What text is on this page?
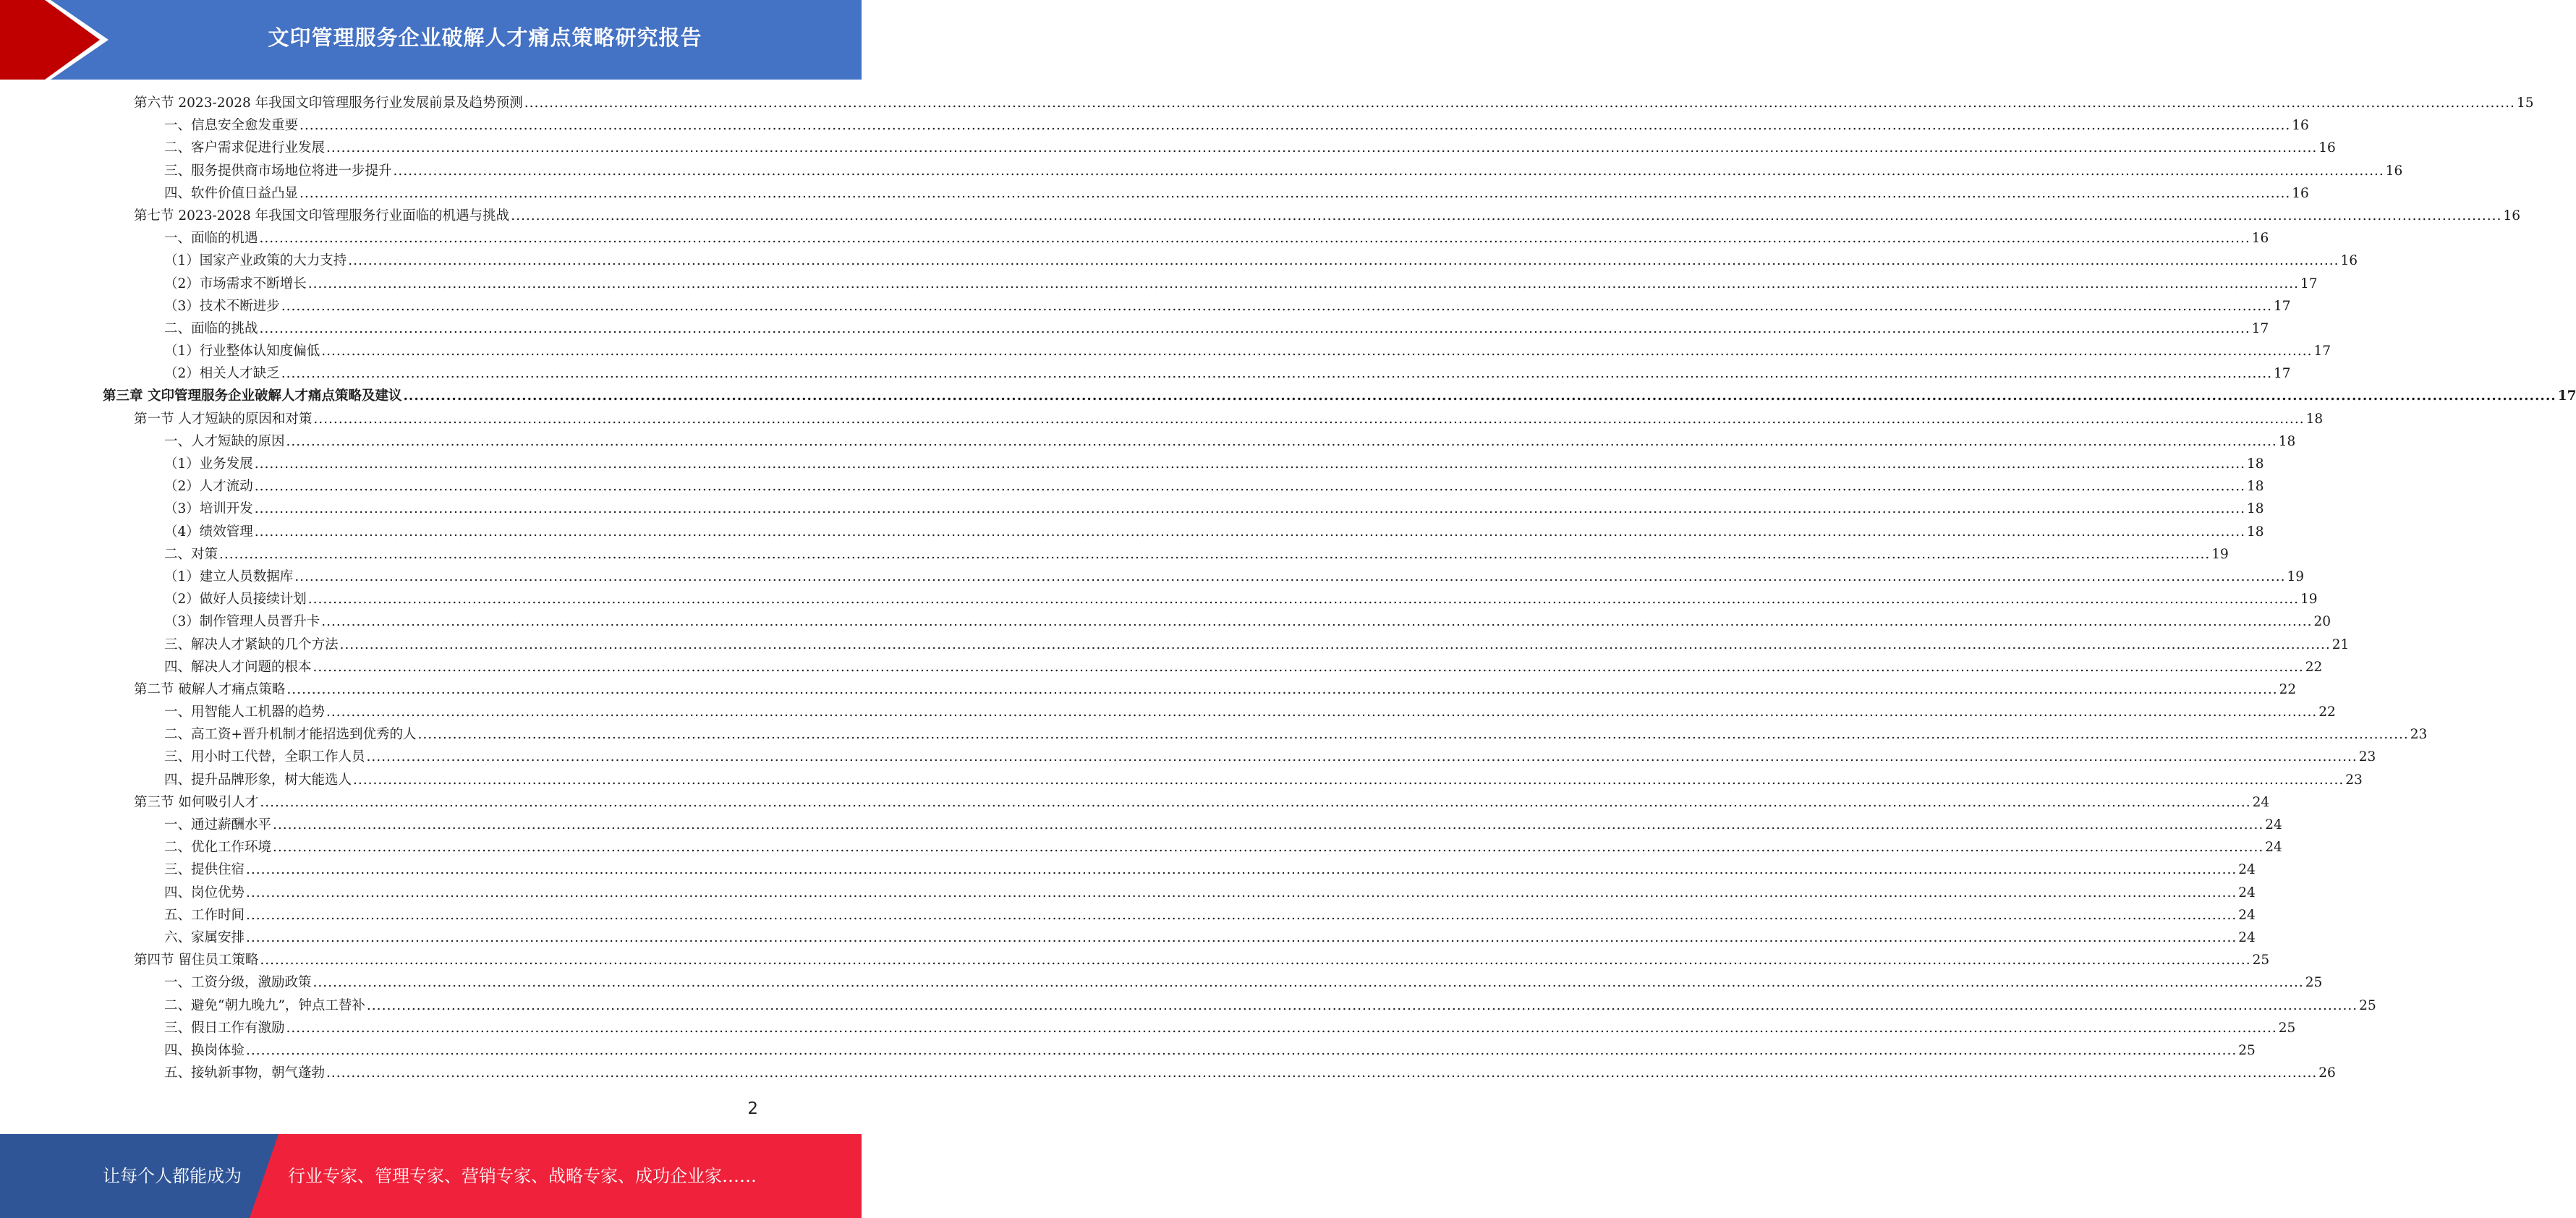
文印管理服务企业破解人才痛点策略研究报告
第六节 2023-2028 年我国文印管理服务行业发展前景及趋势预测 ................................................................................................................................................................................................................................................................................................................................................................................................................ 15
一、信息安全愈发重要 ................................................................................................................................................................................................................................................................................................................................................................................................................ 16
二、客户需求促进行业发展 ................................................................................................................................................................................................................................................................................................................................................................................................................ 16
三、服务提供商市场地位将进一步提升 ................................................................................................................................................................................................................................................................................................................................................................................................................ 16
四、软件价值日益凸显 ................................................................................................................................................................................................................................................................................................................................................................................................................ 16
第七节 2023-2028 年我国文印管理服务行业面临的机遇与挑战 ................................................................................................................................................................................................................................................................................................................................................................................................................ 16
一、面临的机遇 ................................................................................................................................................................................................................................................................................................................................................................................................................ 16
（1）国家产业政策的大力支持 ................................................................................................................................................................................................................................................................................................................................................................................................................ 16
（2）市场需求不断增长 ................................................................................................................................................................................................................................................................................................................................................................................................................ 17
（3）技术不断进步 ................................................................................................................................................................................................................................................................................................................................................................................................................ 17
二、面临的挑战 ................................................................................................................................................................................................................................................................................................................................................................................................................ 17
（1）行业整体认知度偏低 ................................................................................................................................................................................................................................................................................................................................................................................................................ 17
（2）相关人才缺乏 ................................................................................................................................................................................................................................................................................................................................................................................................................ 17
第三章 文印管理服务企业破解人才痛点策略及建议 ................................................................................................................................................................................................................................................................................................................................................................................................................ 17
第一节 人才短缺的原因和对策 ................................................................................................................................................................................................................................................................................................................................................................................................................ 18
一、人才短缺的原因 ................................................................................................................................................................................................................................................................................................................................................................................................................ 18
（1）业务发展 ................................................................................................................................................................................................................................................................................................................................................................................................................ 18
（2）人才流动 ................................................................................................................................................................................................................................................................................................................................................................................................................ 18
（3）培训开发 ................................................................................................................................................................................................................................................................................................................................................................................................................ 18
（4）绩效管理 ................................................................................................................................................................................................................................................................................................................................................................................................................ 18
二、对策 ................................................................................................................................................................................................................................................................................................................................................................................................................ 19
（1）建立人员数据库 ................................................................................................................................................................................................................................................................................................................................................................................................................ 19
（2）做好人员接续计划 ................................................................................................................................................................................................................................................................................................................................................................................................................ 19
（3）制作管理人员晋升卡 ................................................................................................................................................................................................................................................................................................................................................................................................................ 20
三、解决人才紧缺的几个方法 ................................................................................................................................................................................................................................................................................................................................................................................................................ 21
四、解决人才问题的根本 ................................................................................................................................................................................................................................................................................................................................................................................................................ 22
第二节 破解人才痛点策略 ................................................................................................................................................................................................................................................................................................................................................................................................................ 22
一、用智能人工机器的趋势 ................................................................................................................................................................................................................................................................................................................................................................................................................ 22
二、高工资+晋升机制才能招选到优秀的人 ................................................................................................................................................................................................................................................................................................................................................................................................................ 23
三、用小时工代替，全职工作人员 ................................................................................................................................................................................................................................................................................................................................................................................................................ 23
四、提升品牌形象，树大能选人 ................................................................................................................................................................................................................................................................................................................................................................................................................ 23
第三节 如何吸引人才 ................................................................................................................................................................................................................................................................................................................................................................................................................ 24
一、通过薪酬水平 ................................................................................................................................................................................................................................................................................................................................................................................................................ 24
二、优化工作环境 ................................................................................................................................................................................................................................................................................................................................................................................................................ 24
三、提供住宿 ................................................................................................................................................................................................................................................................................................................................................................................................................ 24
四、岗位优势 ................................................................................................................................................................................................................................................................................................................................................................................................................ 24
五、工作时间 ................................................................................................................................................................................................................................................................................................................................................................................................................ 24
六、家属安排 ................................................................................................................................................................................................................................................................................................................................................................................................................ 24
第四节 留住员工策略 ................................................................................................................................................................................................................................................................................................................................................................................................................ 25
一、工资分级，激励政策 ................................................................................................................................................................................................................................................................................................................................................................................................................ 25
二、避免“朝九晚九”，钟点工替补 ................................................................................................................................................................................................................................................................................................................................................................................................................ 25
三、假日工作有激励 ................................................................................................................................................................................................................................................................................................................................................................................................................ 25
四、换岗体验 ................................................................................................................................................................................................................................................................................................................................................................................................................ 25
五、接轨新事物，朝气蓬勃 ................................................................................................................................................................................................................................................................................................................................................................................................................ 26
2
让每个人都能成为	行业专家、管理专家、营销专家、战略专家、成功企业家……
